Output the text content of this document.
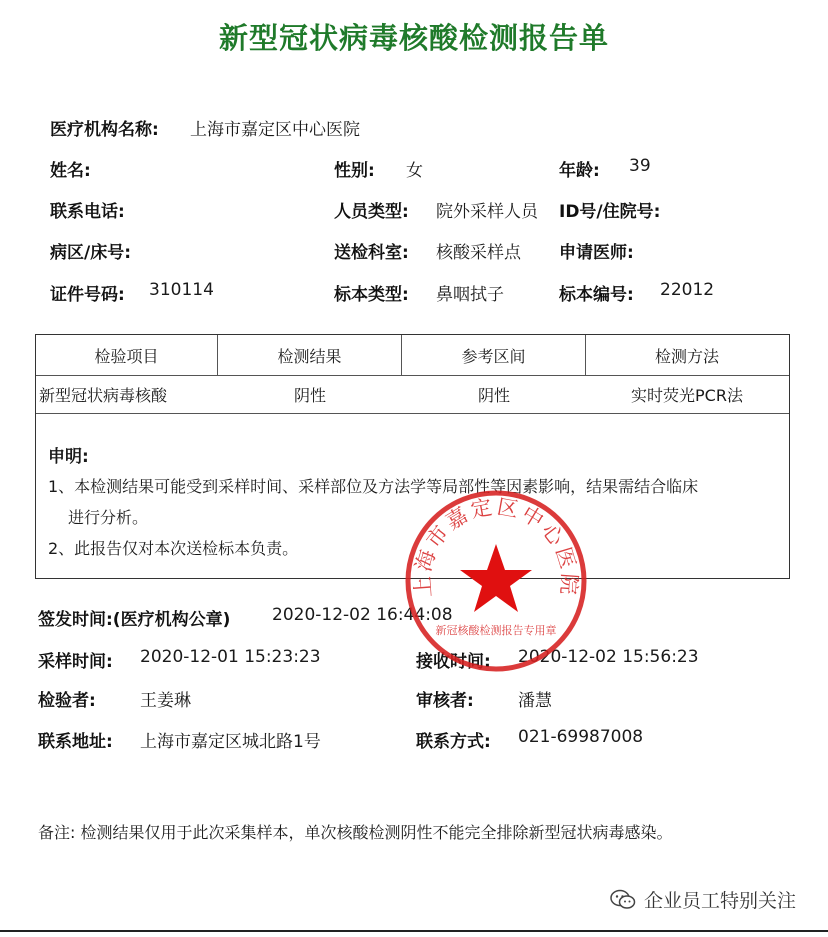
新型冠状病毒核酸检测报告单
医疗机构名称: 上海市嘉定区中心医院
姓名:	性别: 女	年龄: 39
联系电话:	人员类型: 院外采样人员 ID号/住院号:
病区/床号:	送检科室: 核酸采样点 申请医师:
证件号码: 310114	标本类型: 鼻咽拭子	标本编号: 22012
检验项目	检测结果	参考区间	检测方法
新型冠状病毒核酸	阴性	阴性	实时荧光PCR法
申明:
1、本检测结果可能受到采样时间、采样部位及方法学等局部性等因素影响，结果需结合临床
进行分析。
2、此报告仅对本次送检标本负责。
签发时间:(医疗机构公章) 2020-12-02 16:44:08
采样时间: 2020-12-01 15:23:23	接收时间: 2020-12-02 15:56:23
检验者:	王姜琳	审核者:	潘慧
联系地址: 上海市嘉定区城北路1号	联系方式: 021-69987008
备注: 检测结果仅用于此次采集样本，单次核酸检测阴性不能完全排除新型冠状病毒感染。
上海市嘉定区中心医院
新冠核酸检测报告专用章
企业员工特别关注
